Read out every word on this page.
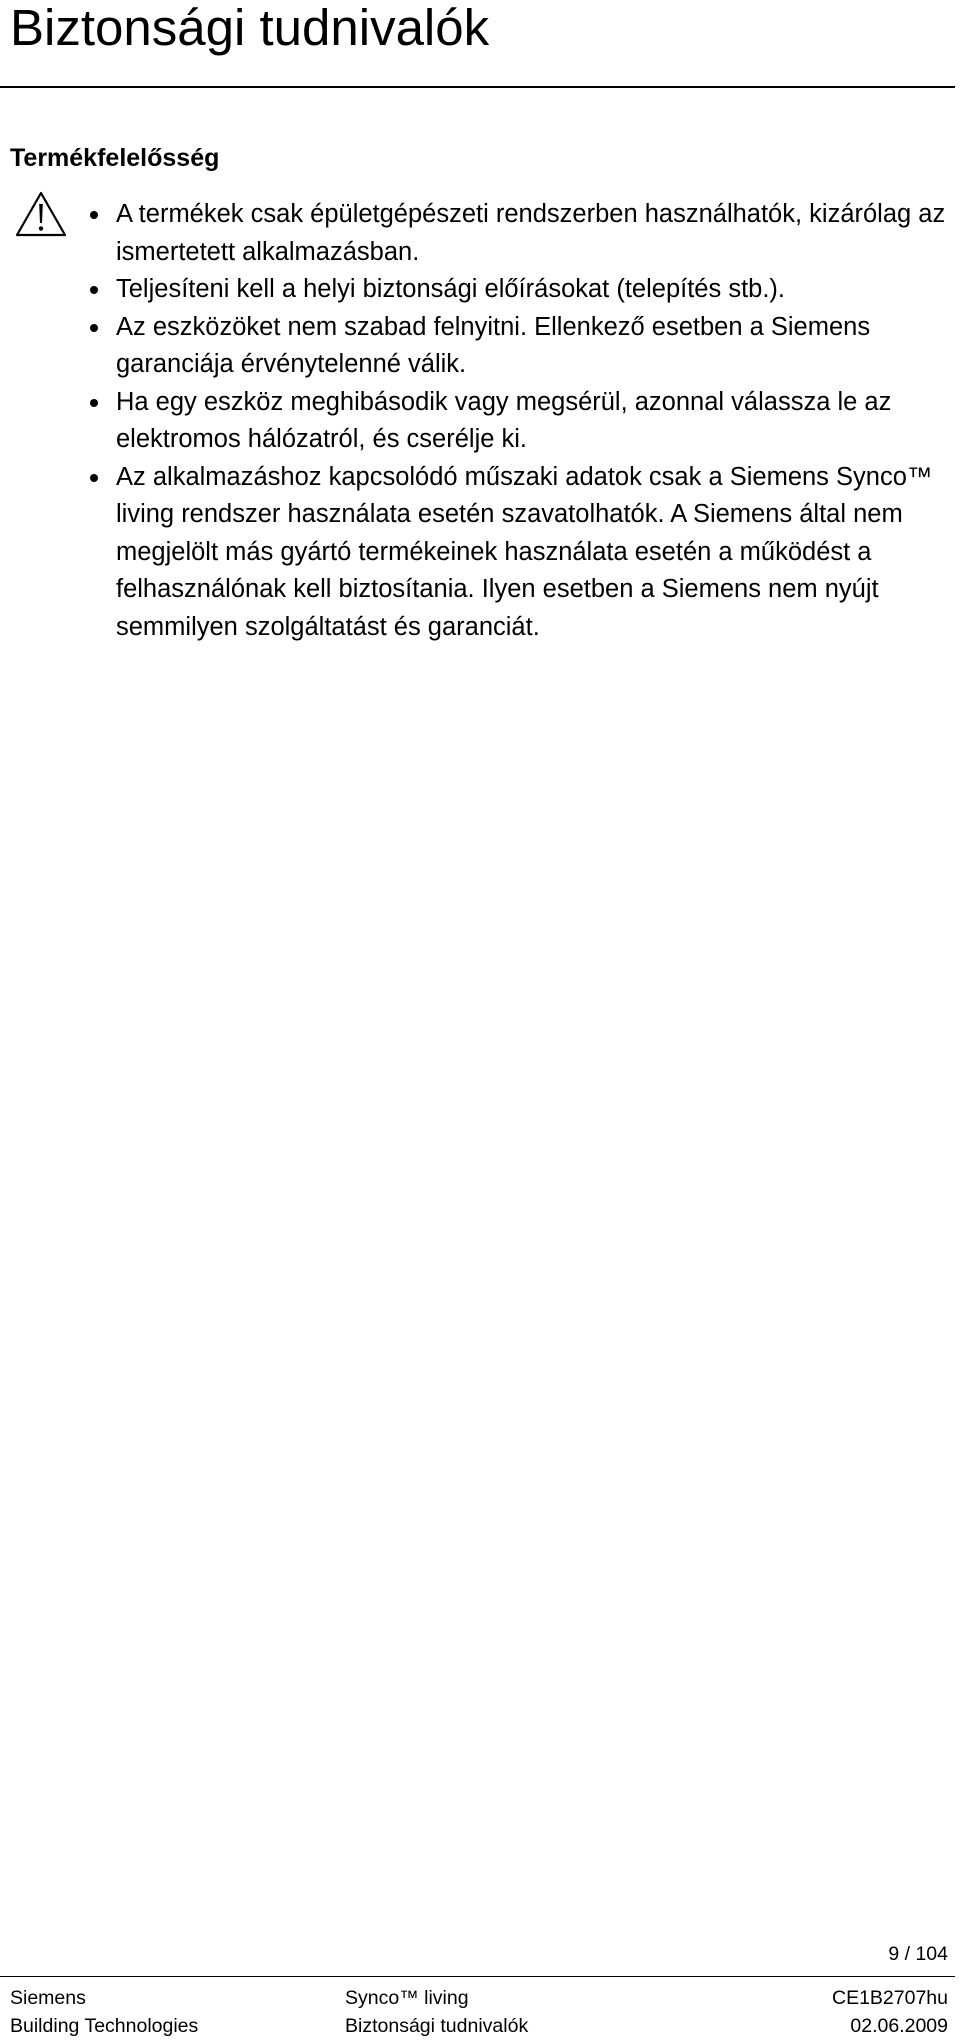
Biztonsági tudnivalók
Termékfelelősség
A termékek csak épületgépészeti rendszerben használhatók, kizárólag az ismertetett alkalmazásban.
Teljesíteni kell a helyi biztonsági előírásokat (telepítés stb.).
Az eszközöket nem szabad felnyitni. Ellenkező esetben a Siemens garanciája érvénytelenné válik.
Ha egy eszköz meghibásodik vagy megsérül, azonnal válassza le az elektromos hálózatról, és cserélje ki.
Az alkalmazáshoz kapcsolódó műszaki adatok csak a Siemens Synco™ living rendszer használata esetén szavatolhatók. A Siemens által nem megjelölt más gyártó termékeinek használata esetén a működést a felhasználónak kell biztosítania. Ilyen esetben a Siemens nem nyújt semmilyen szolgáltatást és garanciát.
9 / 104
Siemens	Synco™ living	CE1B2707hu
Building Technologies	Biztonsági tudnivalók	02.06.2009
